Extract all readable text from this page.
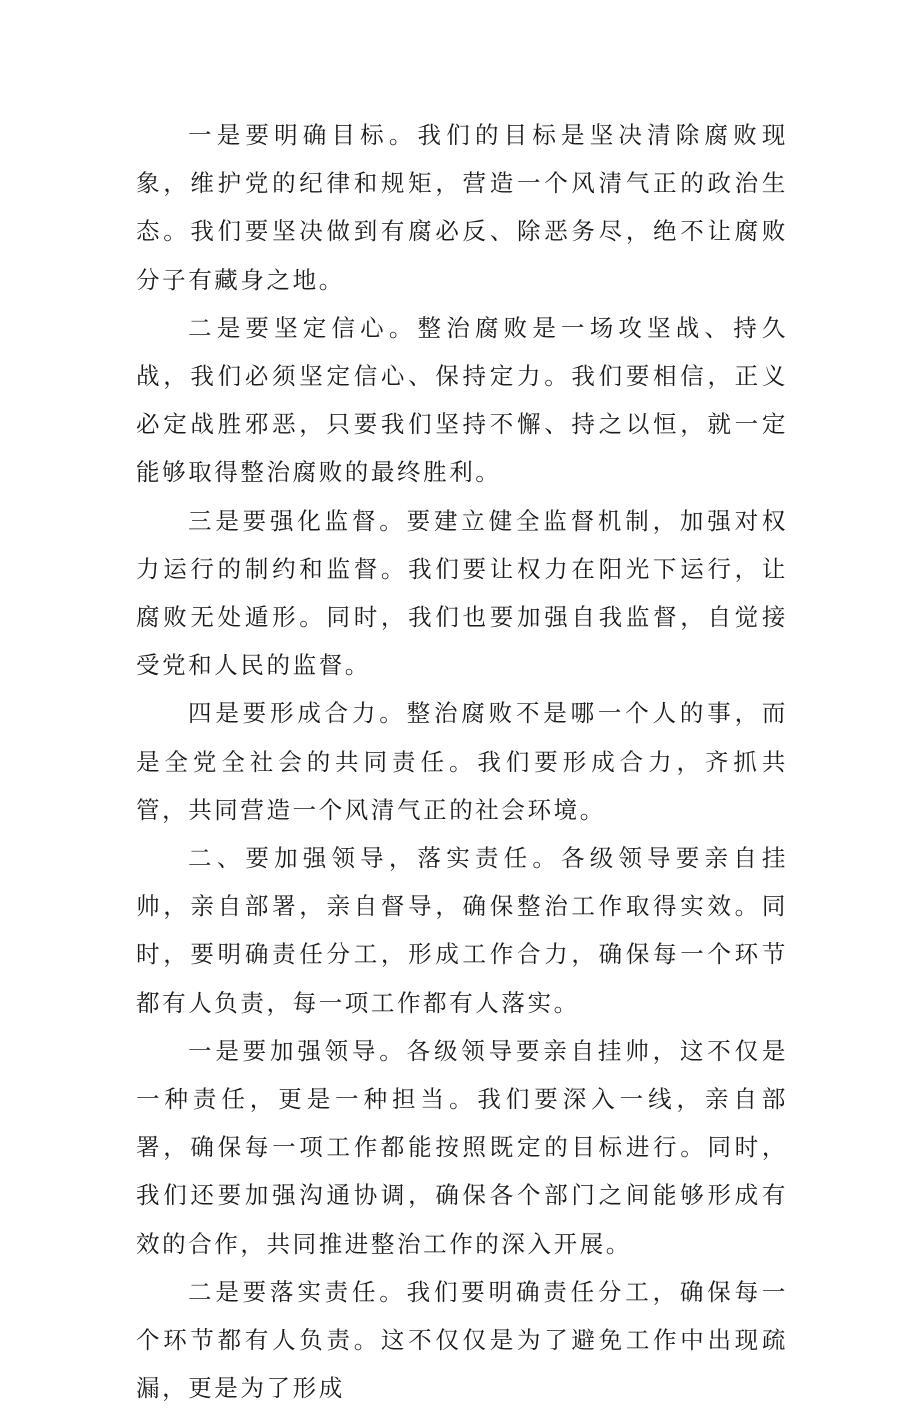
一是要明确目标。我们的目标是坚决清除腐败现象，维护党的纪律和规矩，营造一个风清气正的政治生态。我们要坚决做到有腐必反、除恶务尽，绝不让腐败分子有藏身之地。

二是要坚定信心。整治腐败是一场攻坚战、持久战，我们必须坚定信心、保持定力。我们要相信，正义必定战胜邪恶，只要我们坚持不懈、持之以恒，就一定能够取得整治腐败的最终胜利。

三是要强化监督。要建立健全监督机制，加强对权力运行的制约和监督。我们要让权力在阳光下运行，让腐败无处遁形。同时，我们也要加强自我监督，自觉接受党和人民的监督。

四是要形成合力。整治腐败不是哪一个人的事，而是全党全社会的共同责任。我们要形成合力，齐抓共管，共同营造一个风清气正的社会环境。

二、要加强领导，落实责任。各级领导要亲自挂帅，亲自部署，亲自督导，确保整治工作取得实效。同时，要明确责任分工，形成工作合力，确保每一个环节都有人负责，每一项工作都有人落实。

一是要加强领导。各级领导要亲自挂帅，这不仅是一种责任，更是一种担当。我们要深入一线，亲自部署，确保每一项工作都能按照既定的目标进行。同时，我们还要加强沟通协调，确保各个部门之间能够形成有效的合作，共同推进整治工作的深入开展。

二是要落实责任。我们要明确责任分工，确保每一个环节都有人负责。这不仅仅是为了避免工作中出现疏漏，更是为了形成
